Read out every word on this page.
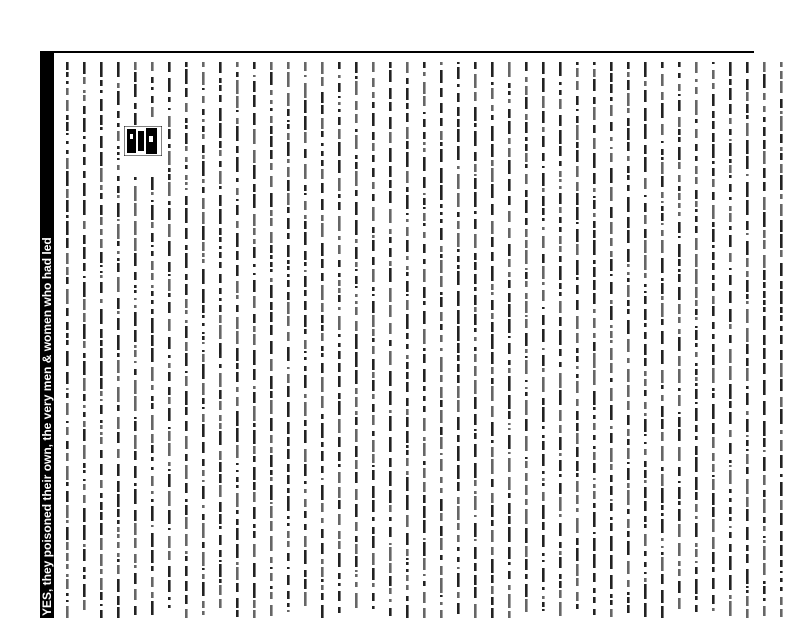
YES, they poisoned their own, the very men & women who had led
